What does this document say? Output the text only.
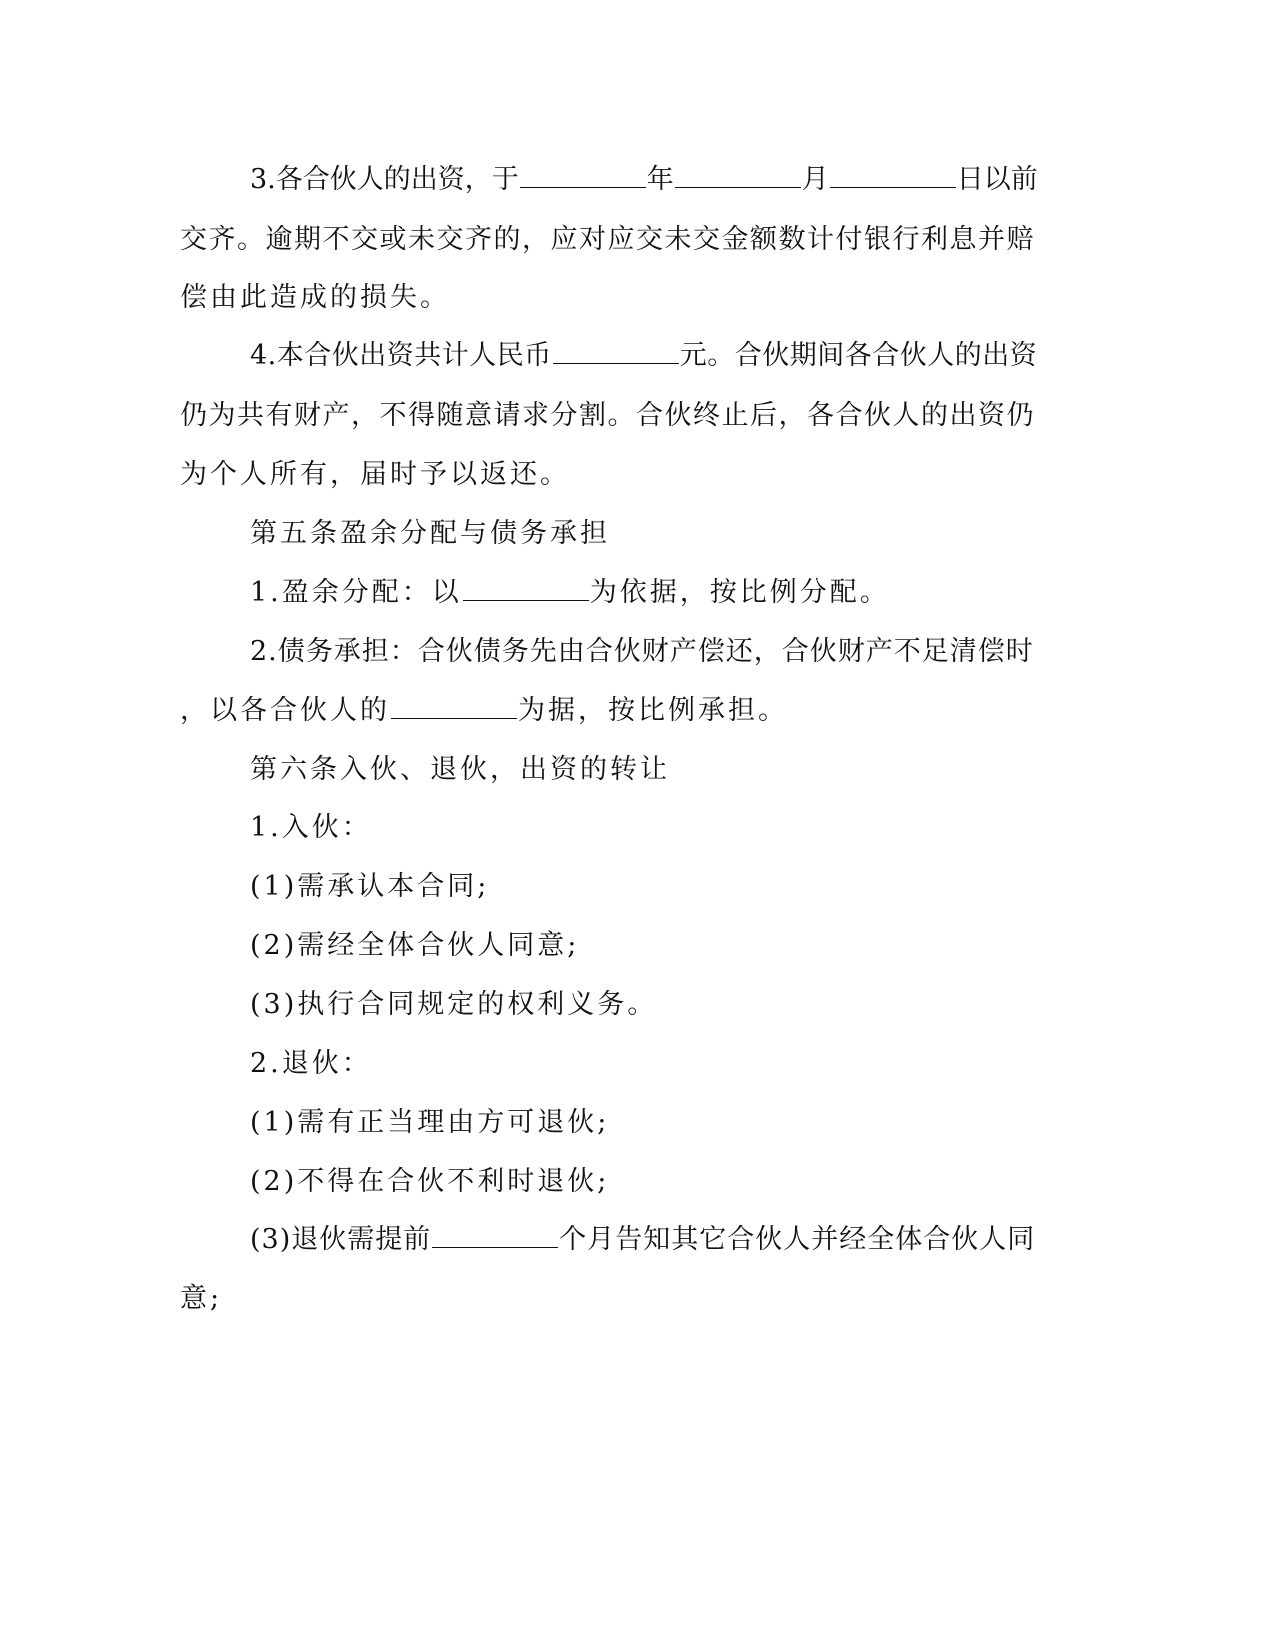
3.各合伙人的出资，于	年	月	日以前
交齐。逾期不交或未交齐的，应对应交未交金额数计付银行利息并赔
偿由此造成的损失。
4.本合伙出资共计人民币	元。合伙期间各合伙人的出资
仍为共有财产，不得随意请求分割。合伙终止后，各合伙人的出资仍
为个人所有，届时予以返还。
第五条盈余分配与债务承担
1.盈余分配：以	为依据，按比例分配。
2.债务承担：合伙债务先由合伙财产偿还，合伙财产不足清偿时
，以各合伙人的	为据，按比例承担。
第六条入伙、退伙，出资的转让
1.入伙：
(1)需承认本合同;
(2)需经全体合伙人同意;
(3)执行合同规定的权利义务。
2.退伙：
(1)需有正当理由方可退伙;
(2)不得在合伙不利时退伙;
(3)退伙需提前	个月告知其它合伙人并经全体合伙人同
意;
